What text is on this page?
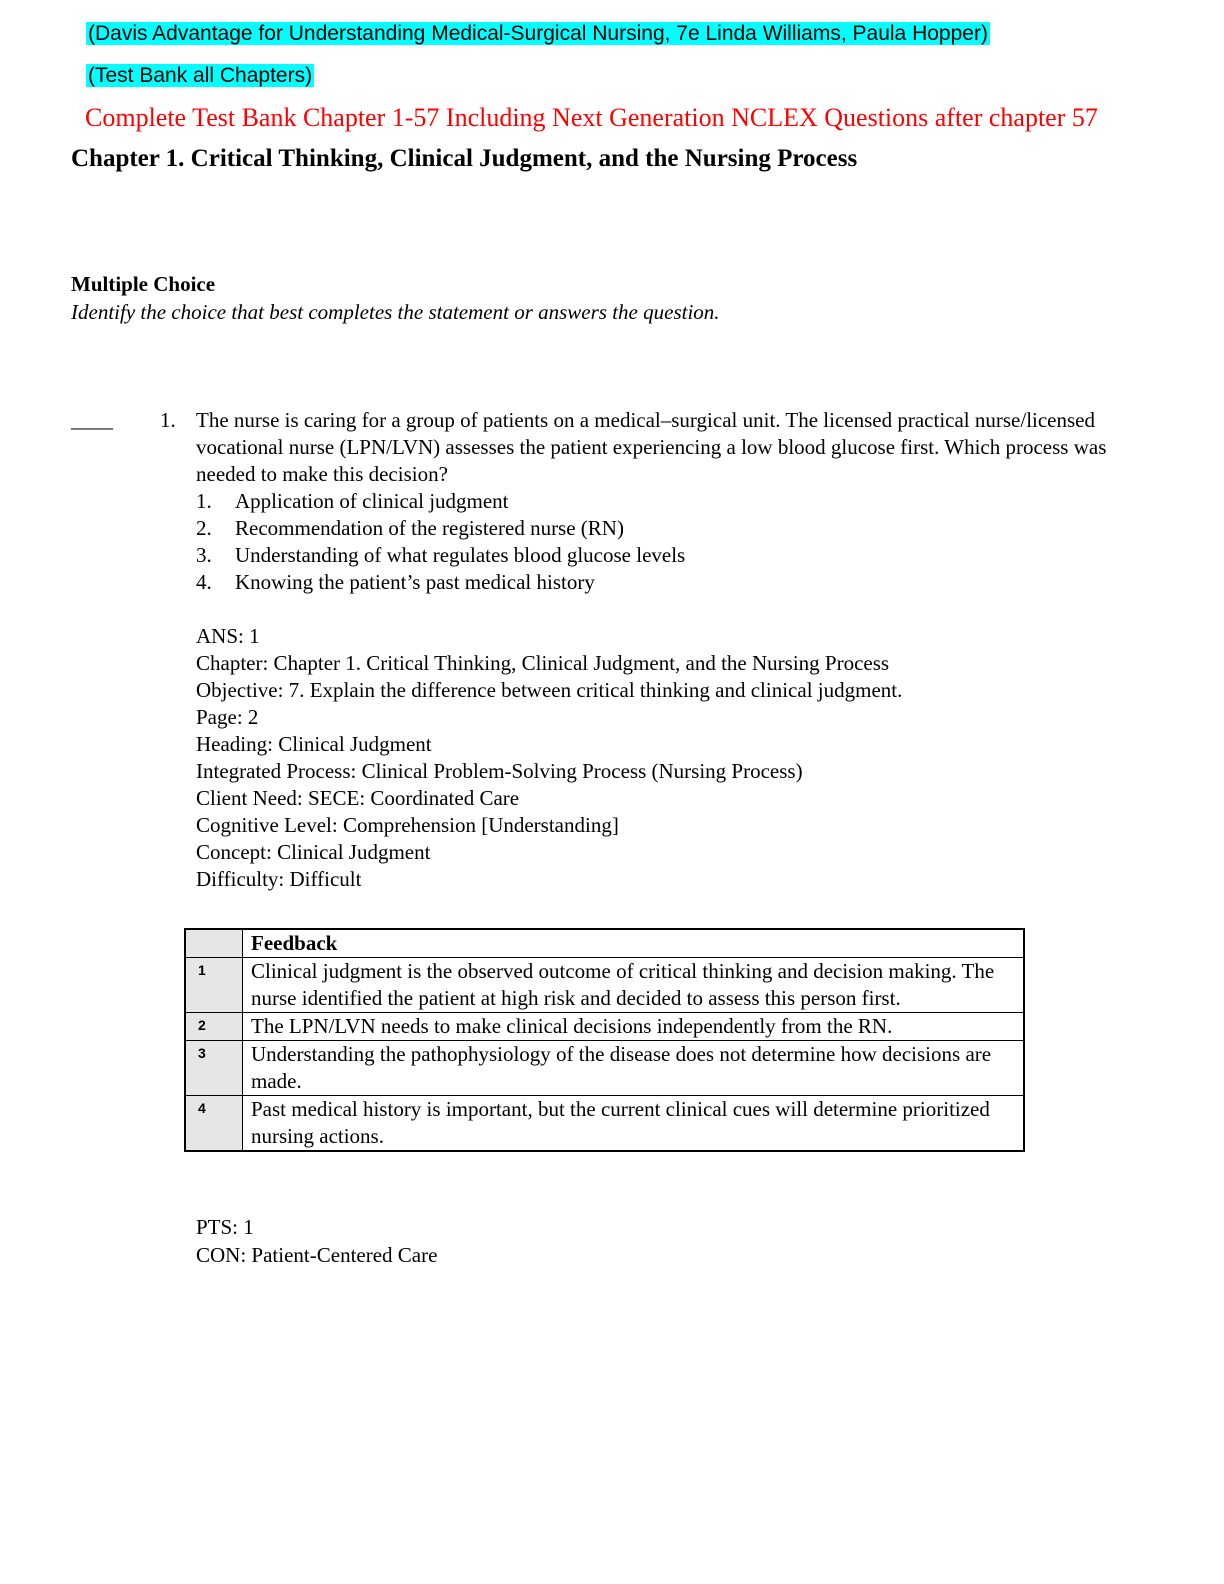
(Davis Advantage for Understanding Medical-Surgical Nursing, 7e Linda Williams, Paula Hopper)
(Test Bank all Chapters)
Complete Test Bank Chapter 1-57 Including Next Generation NCLEX Questions after chapter 57
Chapter 1. Critical Thinking, Clinical Judgment, and the Nursing Process
Multiple Choice
Identify the choice that best completes the statement or answers the question.
____ 1. The nurse is caring for a group of patients on a medical–surgical unit. The licensed practical nurse/licensed vocational nurse (LPN/LVN) assesses the patient experiencing a low blood glucose first. Which process was needed to make this decision?

1. Application of clinical judgment
2. Recommendation of the registered nurse (RN)
3. Understanding of what regulates blood glucose levels
4. Knowing the patient’s past medical history
ANS: 1
Chapter: Chapter 1. Critical Thinking, Clinical Judgment, and the Nursing Process
Objective: 7. Explain the difference between critical thinking and clinical judgment.
Page: 2
Heading: Clinical Judgment
Integrated Process: Clinical Problem-Solving Process (Nursing Process)
Client Need: SECE: Coordinated Care
Cognitive Level: Comprehension [Understanding]
Concept: Clinical Judgment
Difficulty: Difficult
	Feedback
1	Clinical judgment is the observed outcome of critical thinking and decision making. The nurse identified the patient at high risk and decided to assess this person first.
2	The LPN/LVN needs to make clinical decisions independently from the RN.
3	Understanding the pathophysiology of the disease does not determine how decisions are made.
4	Past medical history is important, but the current clinical cues will determine prioritized nursing actions.
PTS: 1
CON: Patient-Centered Care
